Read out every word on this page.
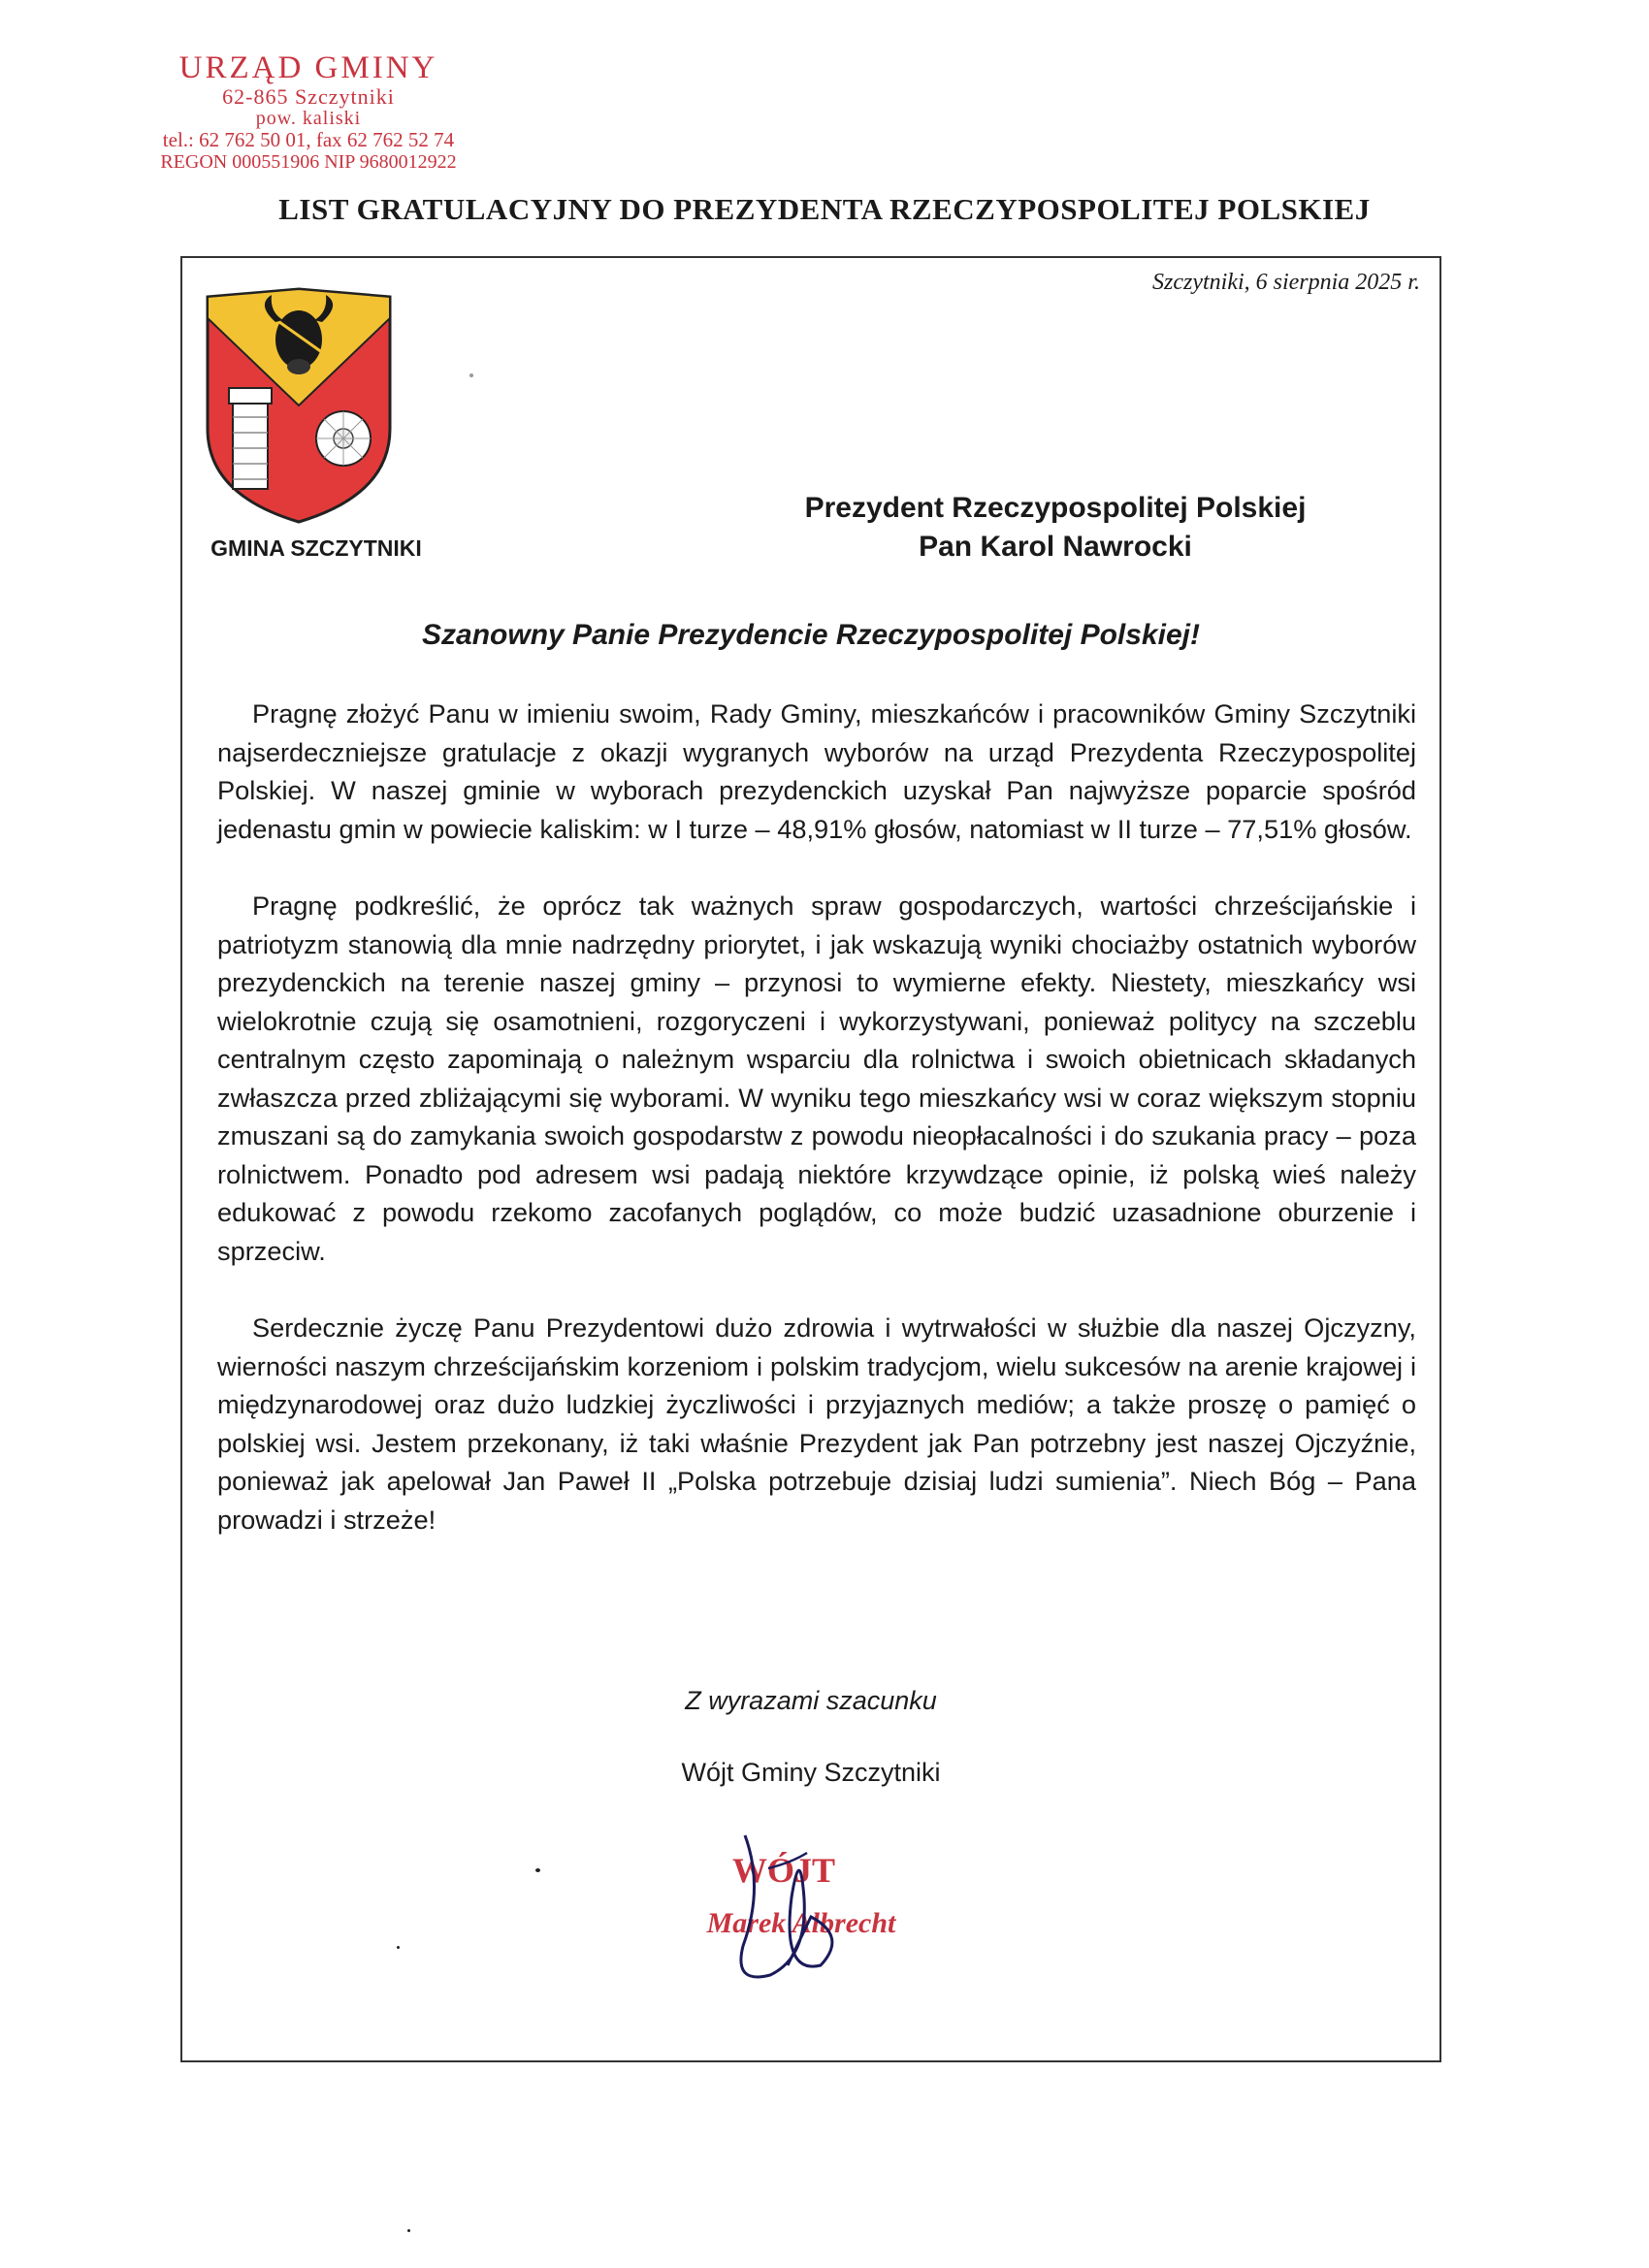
URZĄD GMINY
62-865 Szczytniki
pow. kaliski
tel.: 62 762 50 01, fax 62 762 52 74
REGON 000551906 NIP 9680012922
LIST GRATULACYJNY DO PREZYDENTA RZECZYPOSPOLITEJ POLSKIEJ
Szczytniki, 6 sierpnia 2025 r.
GMINA SZCZYTNIKI
Prezydent Rzeczypospolitej Polskiej
Pan Karol Nawrocki
Szanowny Panie Prezydencie Rzeczypospolitej Polskiej!

Pragnę złożyć Panu w imieniu swoim, Rady Gminy, mieszkańców i pracowników Gminy Szczytniki najserdeczniejsze gratulacje z okazji wygranych wyborów na urząd Prezydenta Rzeczypospolitej Polskiej. W naszej gminie w wyborach prezydenckich uzyskał Pan najwyższe poparcie spośród jedenastu gmin w powiecie kaliskim: w I turze – 48,91% głosów, natomiast w II turze – 77,51% głosów.

Pragnę podkreślić, że oprócz tak ważnych spraw gospodarczych, wartości chrześcijańskie i patriotyzm stanowią dla mnie nadrzędny priorytet, i jak wskazują wyniki chociażby ostatnich wyborów prezydenckich na terenie naszej gminy – przynosi to wymierne efekty. Niestety, mieszkańcy wsi wielokrotnie czują się osamotnieni, rozgoryczeni i wykorzystywani, ponieważ politycy na szczeblu centralnym często zapominają o należnym wsparciu dla rolnictwa i swoich obietnicach składanych zwłaszcza przed zbliżającymi się wyborami. W wyniku tego mieszkańcy wsi w coraz większym stopniu zmuszani są do zamykania swoich gospodarstw z powodu nieopłacalności i do szukania pracy – poza rolnictwem. Ponadto pod adresem wsi padają niektóre krzywdzące opinie, iż polską wieś należy edukować z powodu rzekomo zacofanych poglądów, co może budzić uzasadnione oburzenie i sprzeciw.

Serdecznie życzę Panu Prezydentowi dużo zdrowia i wytrwałości w służbie dla naszej Ojczyzny, wierności naszym chrześcijańskim korzeniom i polskim tradycjom, wielu sukcesów na arenie krajowej i międzynarodowej oraz dużo ludzkiej życzliwości i przyjaznych mediów; a także proszę o pamięć o polskiej wsi. Jestem przekonany, iż taki właśnie Prezydent jak Pan potrzebny jest naszej Ojczyźnie, ponieważ jak apelował Jan Paweł II „Polska potrzebuje dzisiaj ludzi sumienia”. Niech Bóg – Pana prowadzi i strzeże!

Z wyrazami szacunku
Wójt Gminy Szczytniki
WÓJT
Marek Albrecht
